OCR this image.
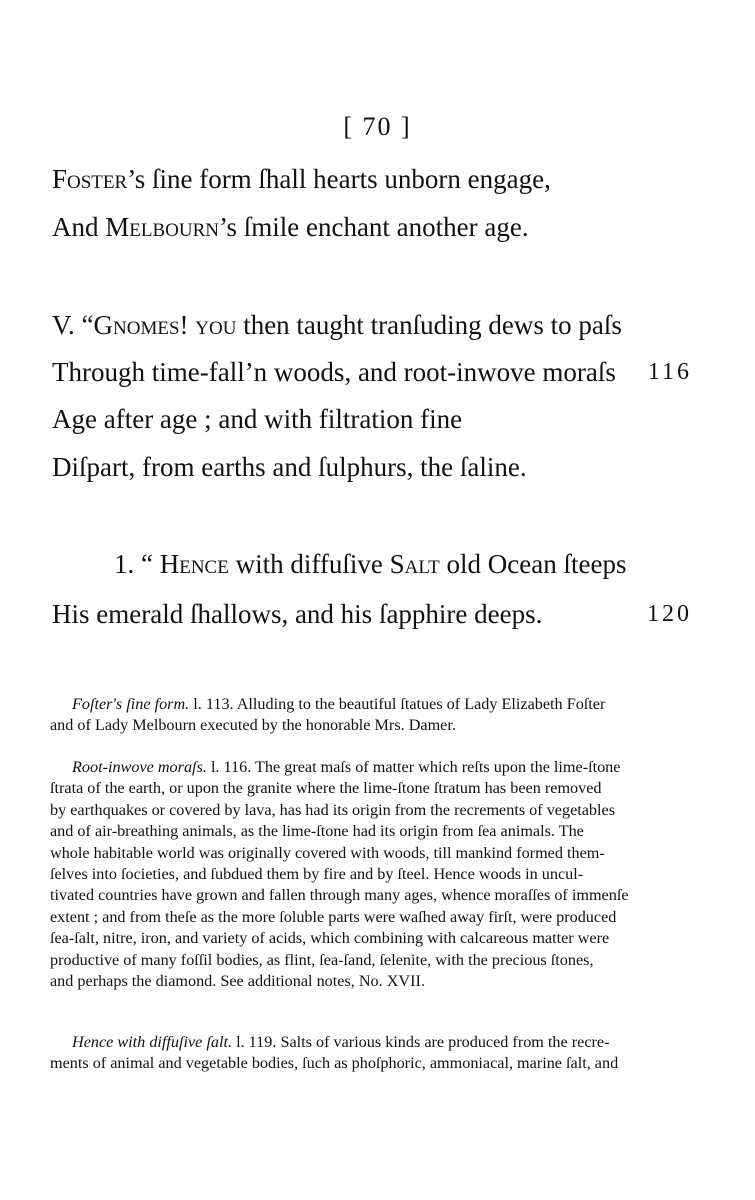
[ 70 ]
Foster’s ſine form ſhall hearts unborn engage,
And Melbourn’s ſmile enchant another age.
V. “Gnomes! you then taught tranſuding dews to paſs
Through time-fall’n woods, and root-inwove moraſs 116
Age after age ; and with filtration fine
Diſpart, from earths and ſulphurs, the ſaline.
1. “ Hence with diffuſive Salt old Ocean ſteeps
His emerald ſhallows, and his ſapphire deeps.	120
Foſter's ſine form. l. 113. Alluding to the beautiful ſtatues of Lady Elizabeth Foſter
and of Lady Melbourn executed by the honorable Mrs. Damer.
Root-inwove moraſs. l. 116. The great maſs of matter which reſts upon the lime-ſtone
ſtrata of the earth, or upon the granite where the lime-ſtone ſtratum has been removed
by earthquakes or covered by lava, has had its origin from the recrements of vegetables
and of air-breathing animals, as the lime-ſtone had its origin from ſea animals. The
whole habitable world was originally covered with woods, till mankind formed them-
ſelves into ſocieties, and ſubdued them by fire and by ſteel. Hence woods in uncul-
tivated countries have grown and fallen through many ages, whence moraſſes of immenſe
extent ; and from theſe as the more ſoluble parts were waſhed away firſt, were produced
ſea-ſalt, nitre, iron, and variety of acids, which combining with calcareous matter were
productive of many foſſil bodies, as flint, ſea-ſand, ſelenite, with the precious ſtones,
and perhaps the diamond. See additional notes, No. XVII.
Hence with diffuſive ſalt. l. 119. Salts of various kinds are produced from the recre-
ments of animal and vegetable bodies, ſuch as phoſphoric, ammoniacal, marine ſalt, and
